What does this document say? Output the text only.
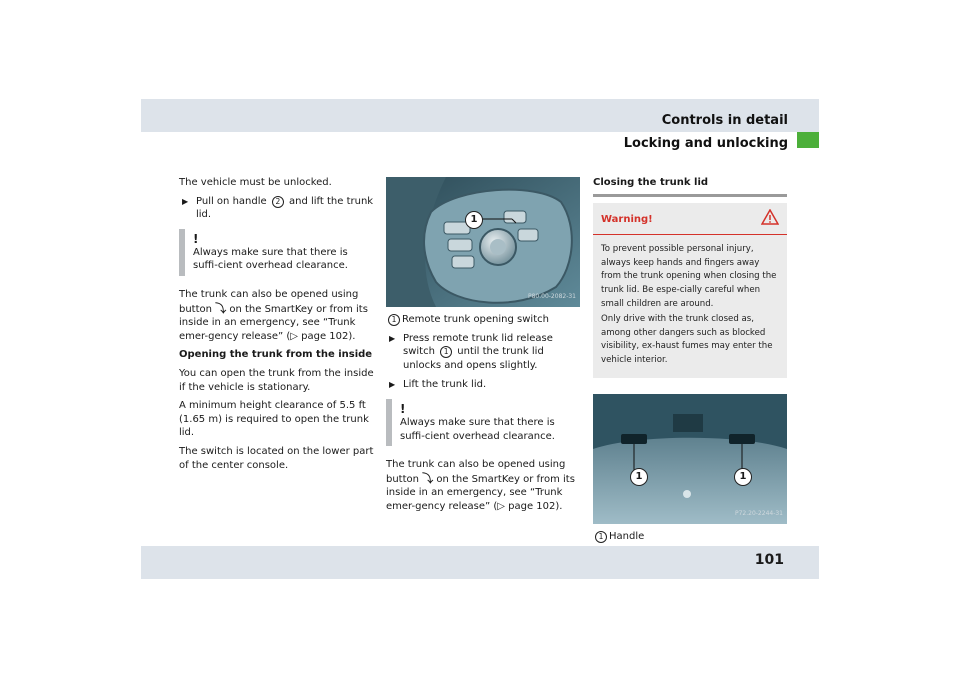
Controls in detail
Locking and unlocking

The vehicle must be unlocked.

▶ Pull on handle 2 and lift the trunk lid.
!
Always make sure that there is suffi-cient overhead clearance.

The trunk can also be opened using button ⤵ on the SmartKey or from its inside in an emergency, see “Trunk emer-gency release” (▷ page 102).

Opening the trunk from the inside

You can open the trunk from the inside if the vehicle is stationary.

A minimum height clearance of 5.5 ft (1.65 m) is required to open the trunk lid.

The switch is located on the lower part of the center console.

1
P80.00-2082-31

1 Remote trunk opening switch

▶ Press remote trunk lid release switch 1 until the trunk lid unlocks and opens slightly.
▶ Lift the trunk lid.
!
Always make sure that there is suffi-cient overhead clearance.

The trunk can also be opened using button ⤵ on the SmartKey or from its inside in an emergency, see “Trunk emer-gency release” (▷ page 102).

Closing the trunk lid
Warning!

To prevent possible personal injury, always keep hands and fingers away from the trunk opening when closing the trunk lid. Be espe-cially careful when small children are around.

Only drive with the trunk closed as, among other dangers such as blocked visibility, ex-haust fumes may enter the vehicle interior.

1	1
P72.20-2244-31

1 Handle

101
